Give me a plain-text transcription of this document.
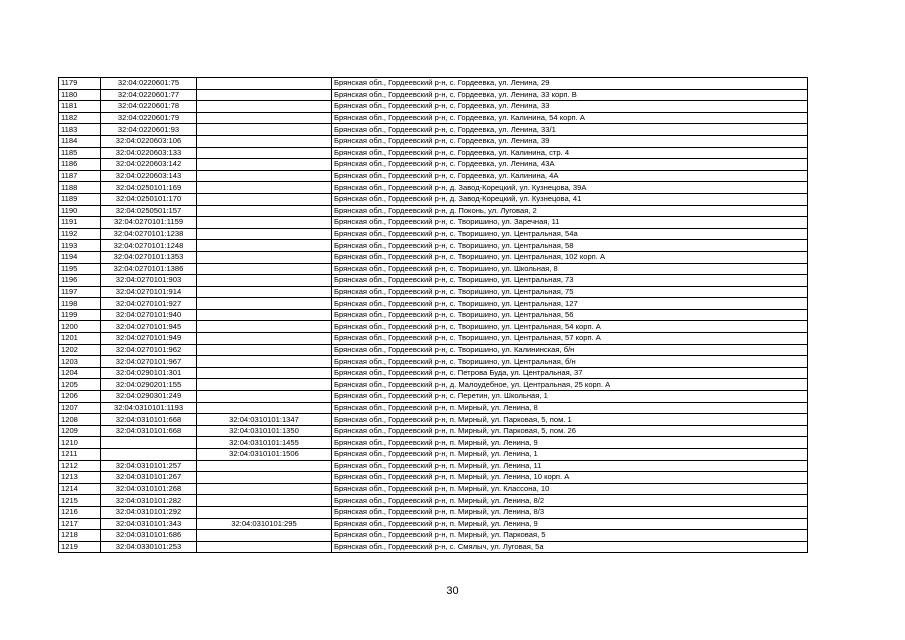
1179	32:04:0220601:75		Брянская обл., Гордеевский р-н, с. Гордеевка, ул. Ленина, 29
1180	32:04:0220601:77		Брянская обл., Гордеевский р-н, с. Гордеевка, ул. Ленина, 33 корп. В
1181	32:04:0220601:78		Брянская обл., Гордеевский р-н, с. Гордеевка, ул. Ленина, 33
1182	32:04:0220601:79		Брянская обл., Гордеевский р-н, с. Гордеевка, ул. Калинина, 54 корп. А
1183	32:04:0220601:93		Брянская обл., Гордеевский р-н, с. Гордеевка, ул. Ленина, 33/1
1184	32:04:0220603:106		Брянская обл., Гордеевский р-н, с. Гордеевка, ул. Ленина, 39
1185	32:04:0220603:133		Брянская обл., Гордеевский р-н, с. Гордеевка, ул. Калинина, стр. 4
1186	32:04:0220603:142		Брянская обл., Гордеевский р-н, с. Гордеевка, ул. Ленина, 43А
1187	32:04:0220603:143		Брянская обл., Гордеевский р-н, с. Гордеевка, ул. Калинина, 4А
1188	32:04:0250101:169		Брянская обл., Гордеевский р-н, д. Завод-Корецкий, ул. Кузнецова, 39А
1189	32:04:0250101:170		Брянская обл., Гордеевский р-н, д. Завод-Корецкий, ул. Кузнецова, 41
1190	32:04:0250501:157		Брянская обл., Гордеевский р-н, д. Поконь, ул. Луговая, 2
1191	32:04:0270101:1159		Брянская обл., Гордеевский р-н, с. Творишино, ул. Заречная, 11
1192	32:04:0270101:1238		Брянская обл., Гордеевский р-н, с. Творишино, ул. Центральная, 54а
1193	32:04:0270101:1248		Брянская обл., Гордеевский р-н, с. Творишино, ул. Центральная, 58
1194	32:04:0270101:1353		Брянская обл., Гордеевский р-н, с. Творишино, ул. Центральная, 102 корп. А
1195	32:04:0270101:1386		Брянская обл., Гордеевский р-н, с. Творишино, ул. Школьная, 8
1196	32:04:0270101:903		Брянская обл., Гордеевский р-н, с. Творишино, ул. Центральная, 73
1197	32:04:0270101:914		Брянская обл., Гордеевский р-н, с. Творишино, ул. Центральная, 75
1198	32:04:0270101:927		Брянская обл., Гордеевский р-н, с. Творишино, ул. Центральная, 127
1199	32:04:0270101:940		Брянская обл., Гордеевский р-н, с. Творишино, ул. Центральная, 56
1200	32:04:0270101:945		Брянская обл., Гордеевский р-н, с. Творишино, ул. Центральная, 54 корп. А
1201	32:04:0270101:949		Брянская обл., Гордеевский р-н, с. Творишино, ул. Центральная, 57 корп. А
1202	32:04:0270101:962		Брянская обл., Гордеевский р-н, с. Творишино, ул. Калининская, б/н
1203	32:04:0270101:967		Брянская обл., Гордеевский р-н, с. Творишино, ул. Центральная, б/н
1204	32:04:0290101:301		Брянская обл., Гордеевский р-н, с. Петрова Буда, ул. Центральная, 37
1205	32:04:0290201:155		Брянская обл., Гордеевский р-н, д. Малоудебное, ул. Центральная, 25 корп. А
1206	32:04:0290301:249		Брянская обл., Гордеевский р-н, с. Перетин, ул. Школьная, 1
1207	32:04:0310101:1193		Брянская обл., Гордеевский р-н, п. Мирный, ул. Ленина, 8
1208	32:04:0310101:668	32:04:0310101:1347	Брянская обл., Гордеевский р-н, п. Мирный, ул. Парковая, 5, пом. 1
1209	32:04:0310101:668	32:04:0310101:1350	Брянская обл., Гордеевский р-н, п. Мирный, ул. Парковая, 5, пом. 26
1210		32:04:0310101:1455	Брянская обл., Гордеевский р-н, п. Мирный, ул. Ленина, 9
1211		32:04:0310101:1506	Брянская обл., Гордеевский р-н, п. Мирный, ул. Ленина, 1
1212	32:04:0310101:257		Брянская обл., Гордеевский р-н, п. Мирный, ул. Ленина, 11
1213	32:04:0310101:267		Брянская обл., Гордеевский р-н, п. Мирный, ул. Ленина, 10 корп. А
1214	32:04:0310101:268		Брянская обл., Гордеевский р-н, п. Мирный, ул. Классона, 10
1215	32:04:0310101:282		Брянская обл., Гордеевский р-н, п. Мирный, ул. Ленина, 8/2
1216	32:04:0310101:292		Брянская обл., Гордеевский р-н, п. Мирный, ул. Ленина, 8/3
1217	32:04:0310101:343	32:04:0310101:295	Брянская обл., Гордеевский р-н, п. Мирный, ул. Ленина, 9
1218	32:04:0310101:686		Брянская обл., Гордеевский р-н, п. Мирный, ул. Парковая, 5
1219	32:04:0330101:253		Брянская обл., Гордеевский р-н, с. Смялыч, ул. Луговая, 5а
30
